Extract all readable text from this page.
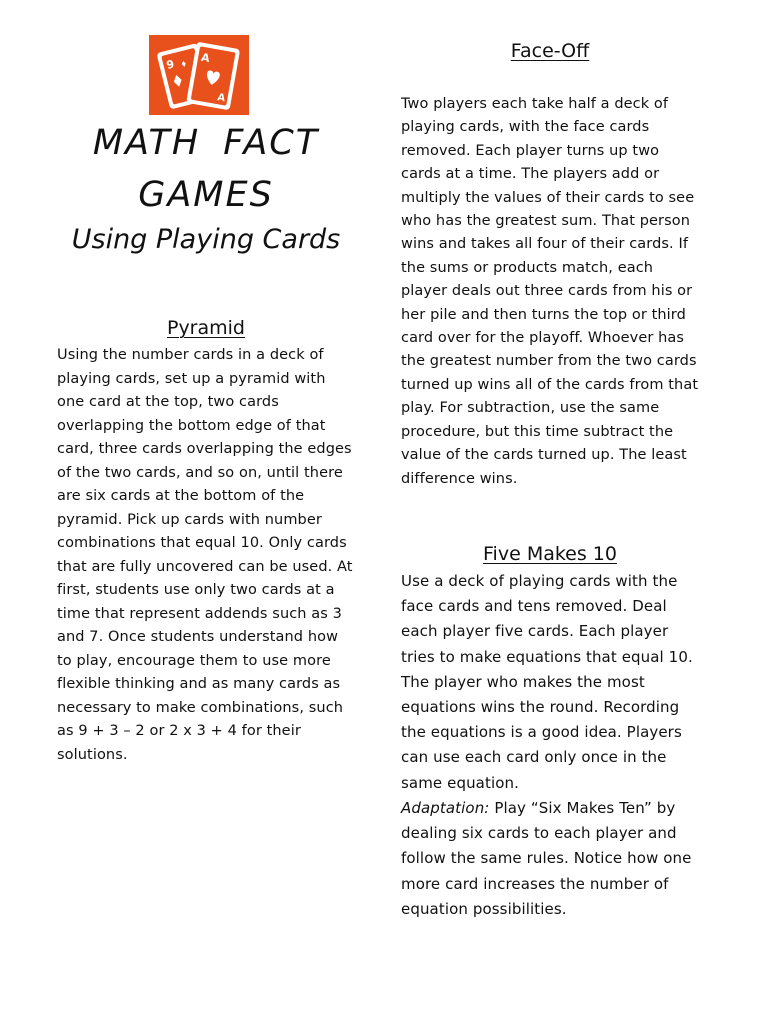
9 A
A
MATH FACT
GAMES
Using Playing Cards
Pyramid

Using the number cards in a deck of playing cards, set up a pyramid with one card at the top, two cards overlapping the bottom edge of that card, three cards overlapping the edges of the two cards, and so on, until there are six cards at the bottom of the pyramid. Pick up cards with number combinations that equal 10. Only cards that are fully uncovered can be used. At first, students use only two cards at a time that represent addends such as 3 and 7. Once students understand how to play, encourage them to use more flexible thinking and as many cards as necessary to make combinations, such as 9 + 3 – 2 or 2 x 3 + 4 for their solutions.

Face-Off

Two players each take half a deck of playing cards, with the face cards removed. Each player turns up two cards at a time. The players add or multiply the values of their cards to see who has the greatest sum. That person wins and takes all four of their cards. If the sums or products match, each player deals out three cards from his or her pile and then turns the top or third card over for the playoff. Whoever has the greatest number from the two cards turned up wins all of the cards from that play. For subtraction, use the same procedure, but this time subtract the value of the cards turned up. The least difference wins.

Five Makes 10

Use a deck of playing cards with the face cards and tens removed. Deal each player five cards. Each player tries to make equations that equal 10. The player who makes the most equations wins the round. Recording the equations is a good idea. Players can use each card only once in the same equation.

Adaptation: Play “Six Makes Ten” by dealing six cards to each player and follow the same rules. Notice how one more card increases the number of equation possibilities.
